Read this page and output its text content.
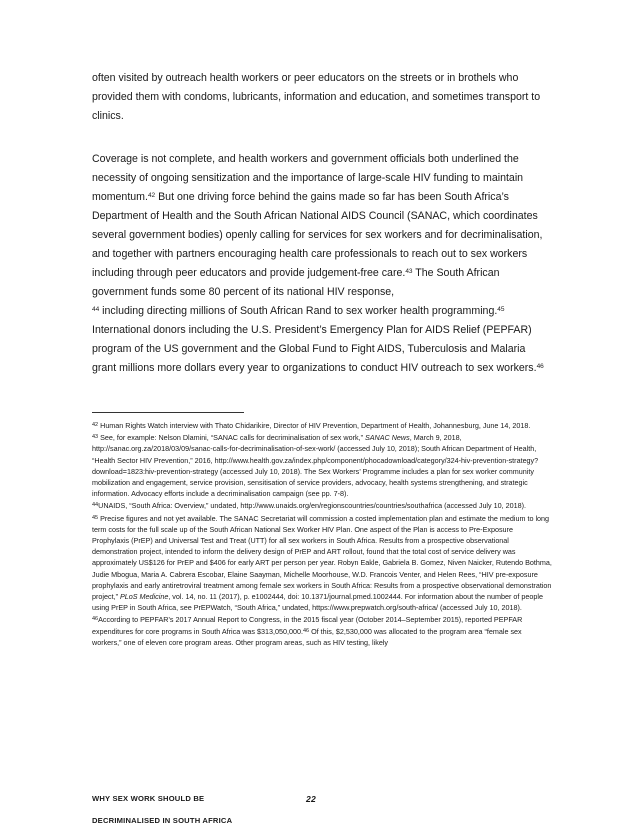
often visited by outreach health workers or peer educators on the streets or in brothels who provided them with condoms, lubricants, information and education, and sometimes transport to clinics.

Coverage is not complete, and health workers and government officials both underlined the necessity of ongoing sensitization and the importance of large-scale HIV funding to maintain momentum.$^{42}$ But one driving force behind the gains made so far has been South Africa’s Department of Health and the South African National AIDS Council (SANAC, which coordinates several government bodies) openly calling for services for sex workers and for decriminalisation, and together with partners encouraging health care professionals to reach out to sex workers including through peer educators and provide judgement-free care.$^{43}$ The South African government funds some 80 percent of its national HIV response,
$^{44}$ including directing millions of South African Rand to sex worker health programming.$^{45}$ International donors including the U.S. President’s Emergency Plan for AIDS Relief (PEPFAR) program of the US government and the Global Fund to Fight AIDS, Tuberculosis and Malaria grant millions more dollars every year to organizations to conduct HIV outreach to sex workers.$^{46}$

$^{42}$ Human Rights Watch interview with Thato Chidarikire, Director of HIV Prevention, Department of Health, Johannesburg, June 14, 2018.

$^{43}$ See, for example: Nelson Dlamini, “SANAC calls for decriminalisation of sex work,” SANAC News, March 9, 2018, http://sanac.org.za/2018/03/09/sanac-calls-for-decriminalisation-of-sex-work/ (accessed July 10, 2018); South African Department of Health, “Health Sector HIV Prevention,” 2016, http://www.health.gov.za/index.php/component/phocadownload/category/324-hiv-prevention-strategy?download=1823:hiv-prevention-strategy (accessed July 10, 2018). The Sex Workers’ Programme includes a plan for sex worker community mobilization and engagement, service provision, sensitisation of service providers, advocacy, health systems strengthening, and strategic information. Advocacy efforts include a decriminalisation campaign (see pp. 7-8).

$^{44}$UNAIDS, “South Africa: Overview,” undated, http://www.unaids.org/en/regionscountries/countries/southafrica (accessed July 10, 2018).

$^{45}$ Precise figures and not yet available. The SANAC Secretariat will commission a costed implementation plan and estimate the medium to long term costs for the full scale up of the South African National Sex Worker HIV Plan. One aspect of the Plan is access to Pre-Exposure Prophylaxis (PrEP) and Universal Test and Treat (UTT) for all sex workers in South Africa. Results from a prospective observational demonstration project, intended to inform the delivery design of PrEP and ART rollout, found that the total cost of service delivery was approximately US$126 for PrEP and $406 for early ART per person per year. Robyn Eakle, Gabriela B. Gomez, Niven Naicker, Rutendo Bothma, Judie Mbogua, Maria A. Cabrera Escobar, Elaine Saayman, Michelle Moorhouse, W.D. Francois Venter, and Helen Rees, “HIV pre-exposure prophylaxis and early antiretroviral treatment among female sex workers in South Africa: Results from a prospective observational demonstration project,” PLoS Medicine, vol. 14, no. 11 (2017), p. e1002444, doi: 10.1371/journal.pmed.1002444. For information about the number of people using PrEP in South Africa, see PrEPWatch, “South Africa,” undated, https://www.prepwatch.org/south-africa/ (accessed July 10, 2018).

$^{46}$According to PEPFAR’s 2017 Annual Report to Congress, in the 2015 fiscal year (October 2014–September 2015), reported PEPFAR expenditures for core programs in South Africa was $313,050,000.46 Of this, $2,530,000 was allocated to the program area “female sex workers,” one of eleven core program areas. Other program areas, such as HIV testing, likely

WHY SEX WORK SHOULD BE	22
DECRIMINALISED IN SOUTH AFRICA
